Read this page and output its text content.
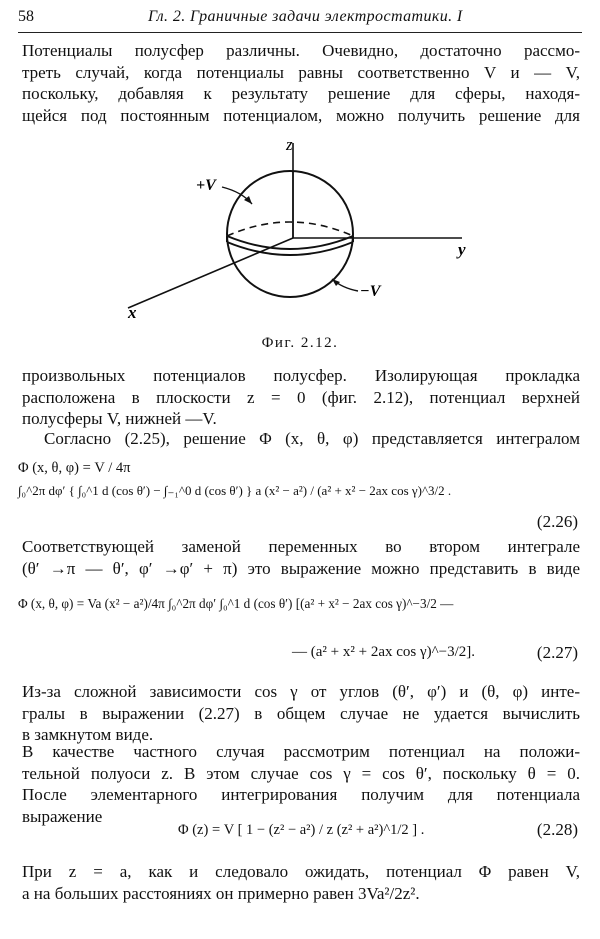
58	Гл. 2. Граничные задачи электростатики. I
Потенциалы полусфер различны. Очевидно, достаточно рассмо-
треть случай, когда потенциалы равны соответственно V и — V,
поскольку, добавляя к результату решение для сферы, находя-
щейся под постоянным потенциалом, можно получить решение для
z
y
x
+V
−V
Фиг. 2.12.
произвольных потенциалов полусфер. Изолирующая прокладка
расположена в плоскости z = 0 (фиг. 2.12), потенциал верхней
полусферы V, нижней —V.
Согласно (2.25), решение Φ (x, θ, φ) представляется интегралом
Φ (x, θ, φ) = V / 4π
∫₀^2π dφ′ { ∫₀^1 d (cos θ′) − ∫₋₁^0 d (cos θ′) } a (x² − a²) / (a² + x² − 2ax cos γ)^3/2 .
(2.26)
Соответствующей заменой переменных во втором интеграле
(θ′ →π — θ′, φ′ →φ′ + π) это выражение можно представить в виде
Φ (x, θ, φ) = Va (x² − a²)/4π ∫₀^2π dφ′ ∫₀^1 d (cos θ′) [(a² + x² − 2ax cos γ)^−3/2 —
— (a² + x² + 2ax cos γ)^−3/2].	(2.27)
Из-за сложной зависимости cos γ от углов (θ′, φ′) и (θ, φ) инте-
гралы в выражении (2.27) в общем случае не удается вычислить
в замкнутом виде.
В качестве частного случая рассмотрим потенциал на положи-
тельной полуоси z. В этом случае cos γ = cos θ′, поскольку θ = 0.
После элементарного интегрирования получим для потенциала
выражение
Φ (z) = V [ 1 − (z² − a²) / z (z² + a²)^1/2 ] .	(2.28)
При z = a, как и следовало ожидать, потенциал Φ равен V,
а на больших расстояниях он примерно равен 3Va²/2z².
